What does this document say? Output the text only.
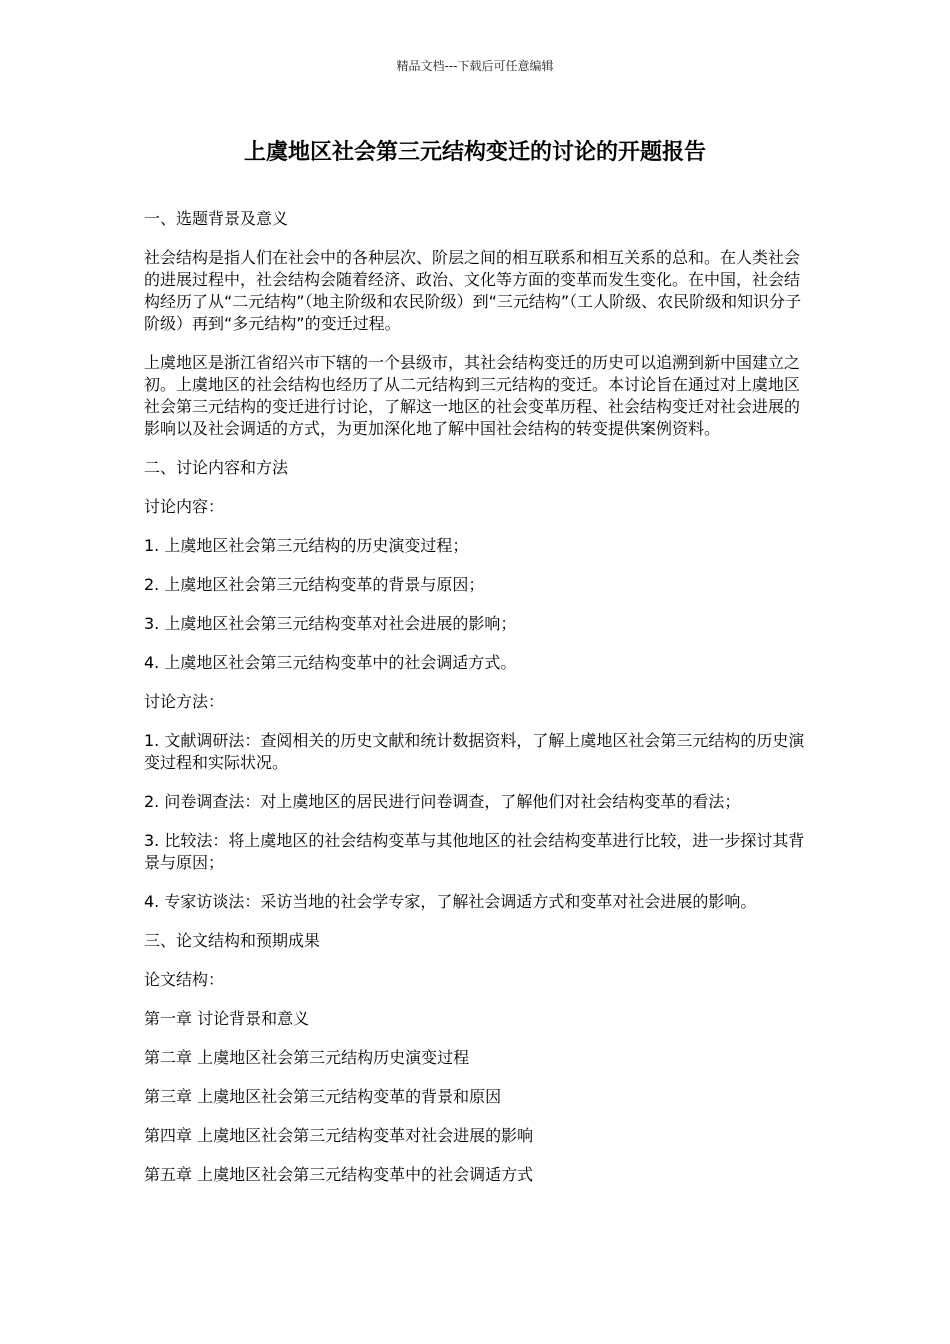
精品文档---下载后可任意编辑
上虞地区社会第三元结构变迁的讨论的开题报告

一、选题背景及意义

社会结构是指人们在社会中的各种层次、阶层之间的相互联系和相互关系的总和。在人类社会的进展过程中，社会结构会随着经济、政治、文化等方面的变革而发生变化。在中国，社会结构经历了从“二元结构”（地主阶级和农民阶级）到“三元结构”（工人阶级、农民阶级和知识分子阶级）再到“多元结构”的变迁过程。

上虞地区是浙江省绍兴市下辖的一个县级市，其社会结构变迁的历史可以追溯到新中国建立之初。上虞地区的社会结构也经历了从二元结构到三元结构的变迁。本讨论旨在通过对上虞地区社会第三元结构的变迁进行讨论，了解这一地区的社会变革历程、社会结构变迁对社会进展的影响以及社会调适的方式，为更加深化地了解中国社会结构的转变提供案例资料。

二、讨论内容和方法

讨论内容：

1. 上虞地区社会第三元结构的历史演变过程；

2. 上虞地区社会第三元结构变革的背景与原因；

3. 上虞地区社会第三元结构变革对社会进展的影响；

4. 上虞地区社会第三元结构变革中的社会调适方式。

讨论方法：

1. 文献调研法：查阅相关的历史文献和统计数据资料，了解上虞地区社会第三元结构的历史演变过程和实际状况。

2. 问卷调查法：对上虞地区的居民进行问卷调查，了解他们对社会结构变革的看法；

3. 比较法：将上虞地区的社会结构变革与其他地区的社会结构变革进行比较，进一步探讨其背景与原因；

4. 专家访谈法：采访当地的社会学专家，了解社会调适方式和变革对社会进展的影响。

三、论文结构和预期成果

论文结构：

第一章 讨论背景和意义

第二章 上虞地区社会第三元结构历史演变过程

第三章 上虞地区社会第三元结构变革的背景和原因

第四章 上虞地区社会第三元结构变革对社会进展的影响

第五章 上虞地区社会第三元结构变革中的社会调适方式
